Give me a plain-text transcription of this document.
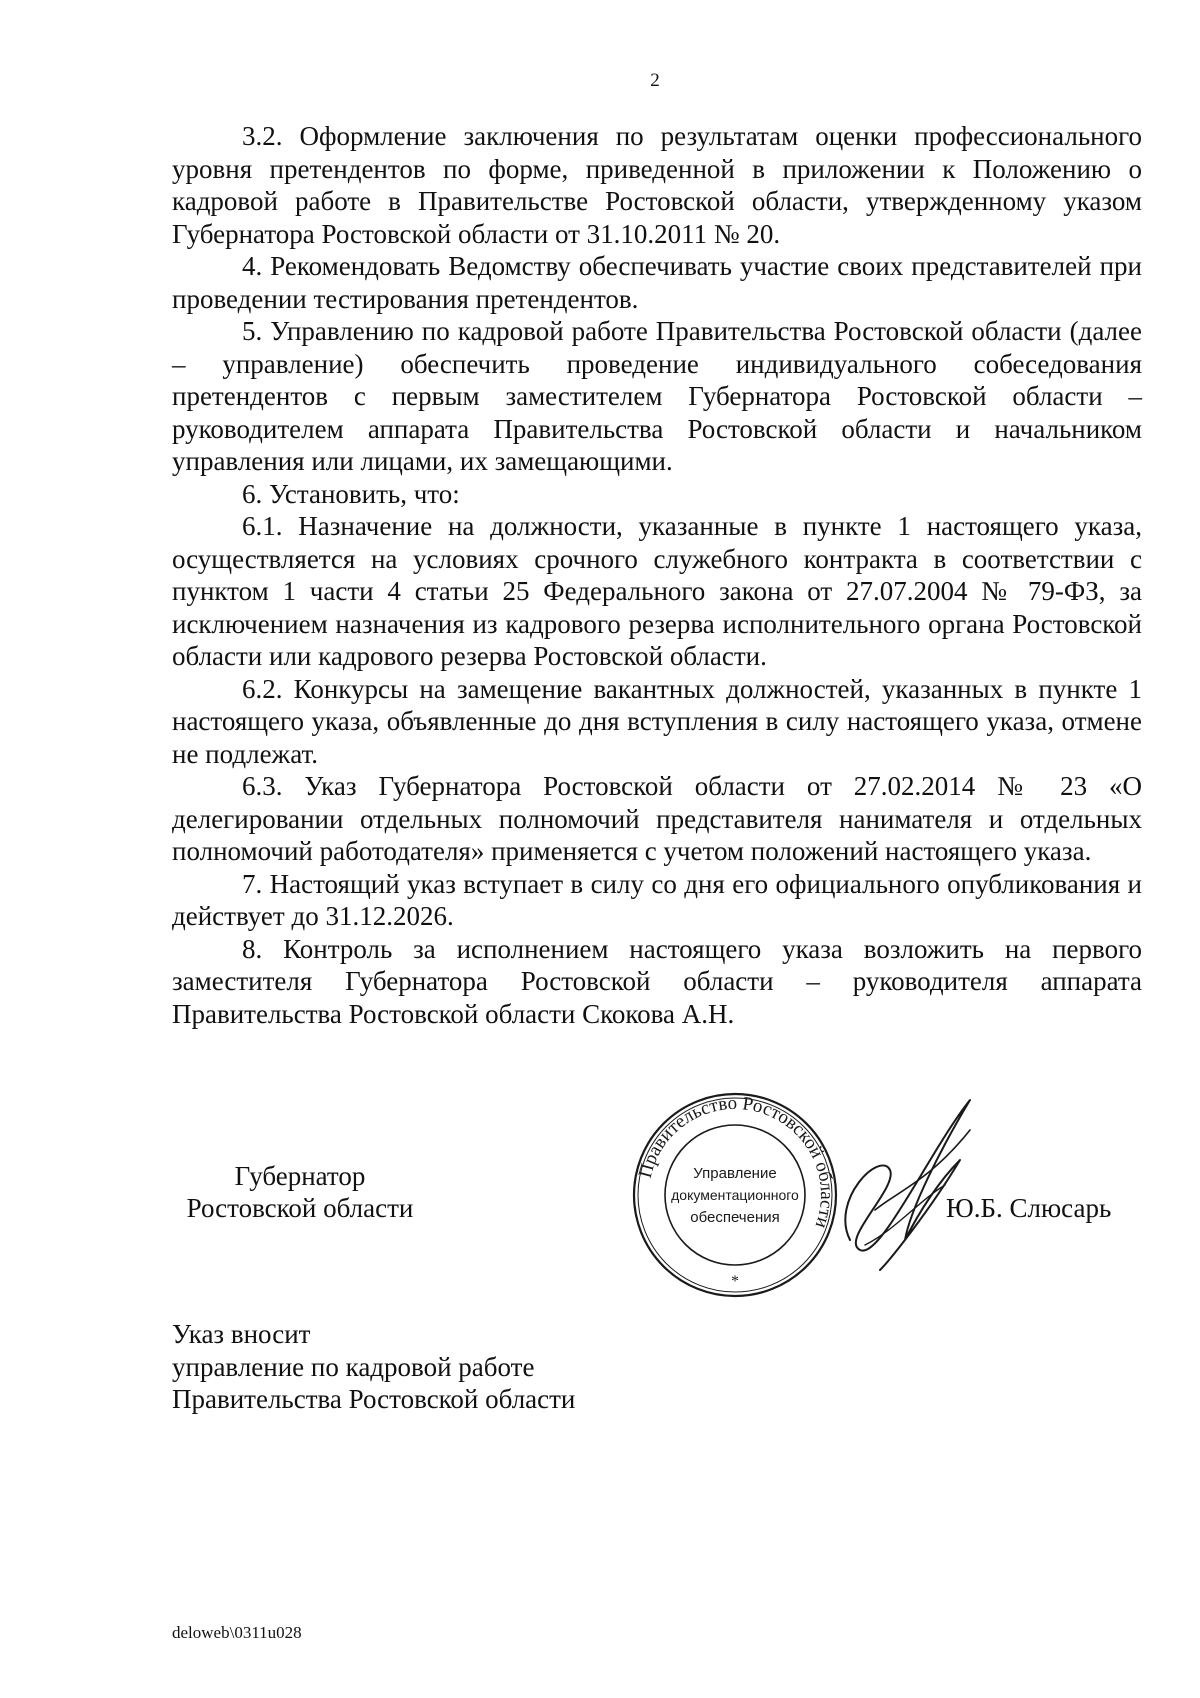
2

3.2. Оформление заключения по результатам оценки профессионального уровня претендентов по форме, приведенной в приложении к Положению о кадровой работе в Правительстве Ростовской области, утвержденному указом Губернатора Ростовской области от 31.10.2011 № 20.

4. Рекомендовать Ведомству обеспечивать участие своих представителей при проведении тестирования претендентов.

5. Управлению по кадровой работе Правительства Ростовской области (далее – управление) обеспечить проведение индивидуального собеседования претендентов с первым заместителем Губернатора Ростовской области – руководителем аппарата Правительства Ростовской области и начальником управления или лицами, их замещающими.

6. Установить, что:

6.1. Назначение на должности, указанные в пункте 1 настоящего указа, осуществляется на условиях срочного служебного контракта в соответствии с пунктом 1 части 4 статьи 25 Федерального закона от 27.07.2004 № 79-ФЗ, за исключением назначения из кадрового резерва исполнительного органа Ростовской области или кадрового резерва Ростовской области.

6.2. Конкурсы на замещение вакантных должностей, указанных в пункте 1 настоящего указа, объявленные до дня вступления в силу настоящего указа, отмене не подлежат.

6.3. Указ Губернатора Ростовской области от 27.02.2014 № 23 «О делегировании отдельных полномочий представителя нанимателя и отдельных полномочий работодателя» применяется с учетом положений настоящего указа.

7. Настоящий указ вступает в силу со дня его официального опубликования и действует до 31.12.2026.

8. Контроль за исполнением настоящего указа возложить на первого заместителя Губернатора Ростовской области – руководителя аппарата Правительства Ростовской области Скокова А.Н.

Губернатор
Ростовской области
Правительство Ростовской области
Управление
документационного
обеспечения
*
Ю.Б. Слюсарь
Указ вносит
управление по кадровой работе
Правительства Ростовской области
deloweb\0311u028
